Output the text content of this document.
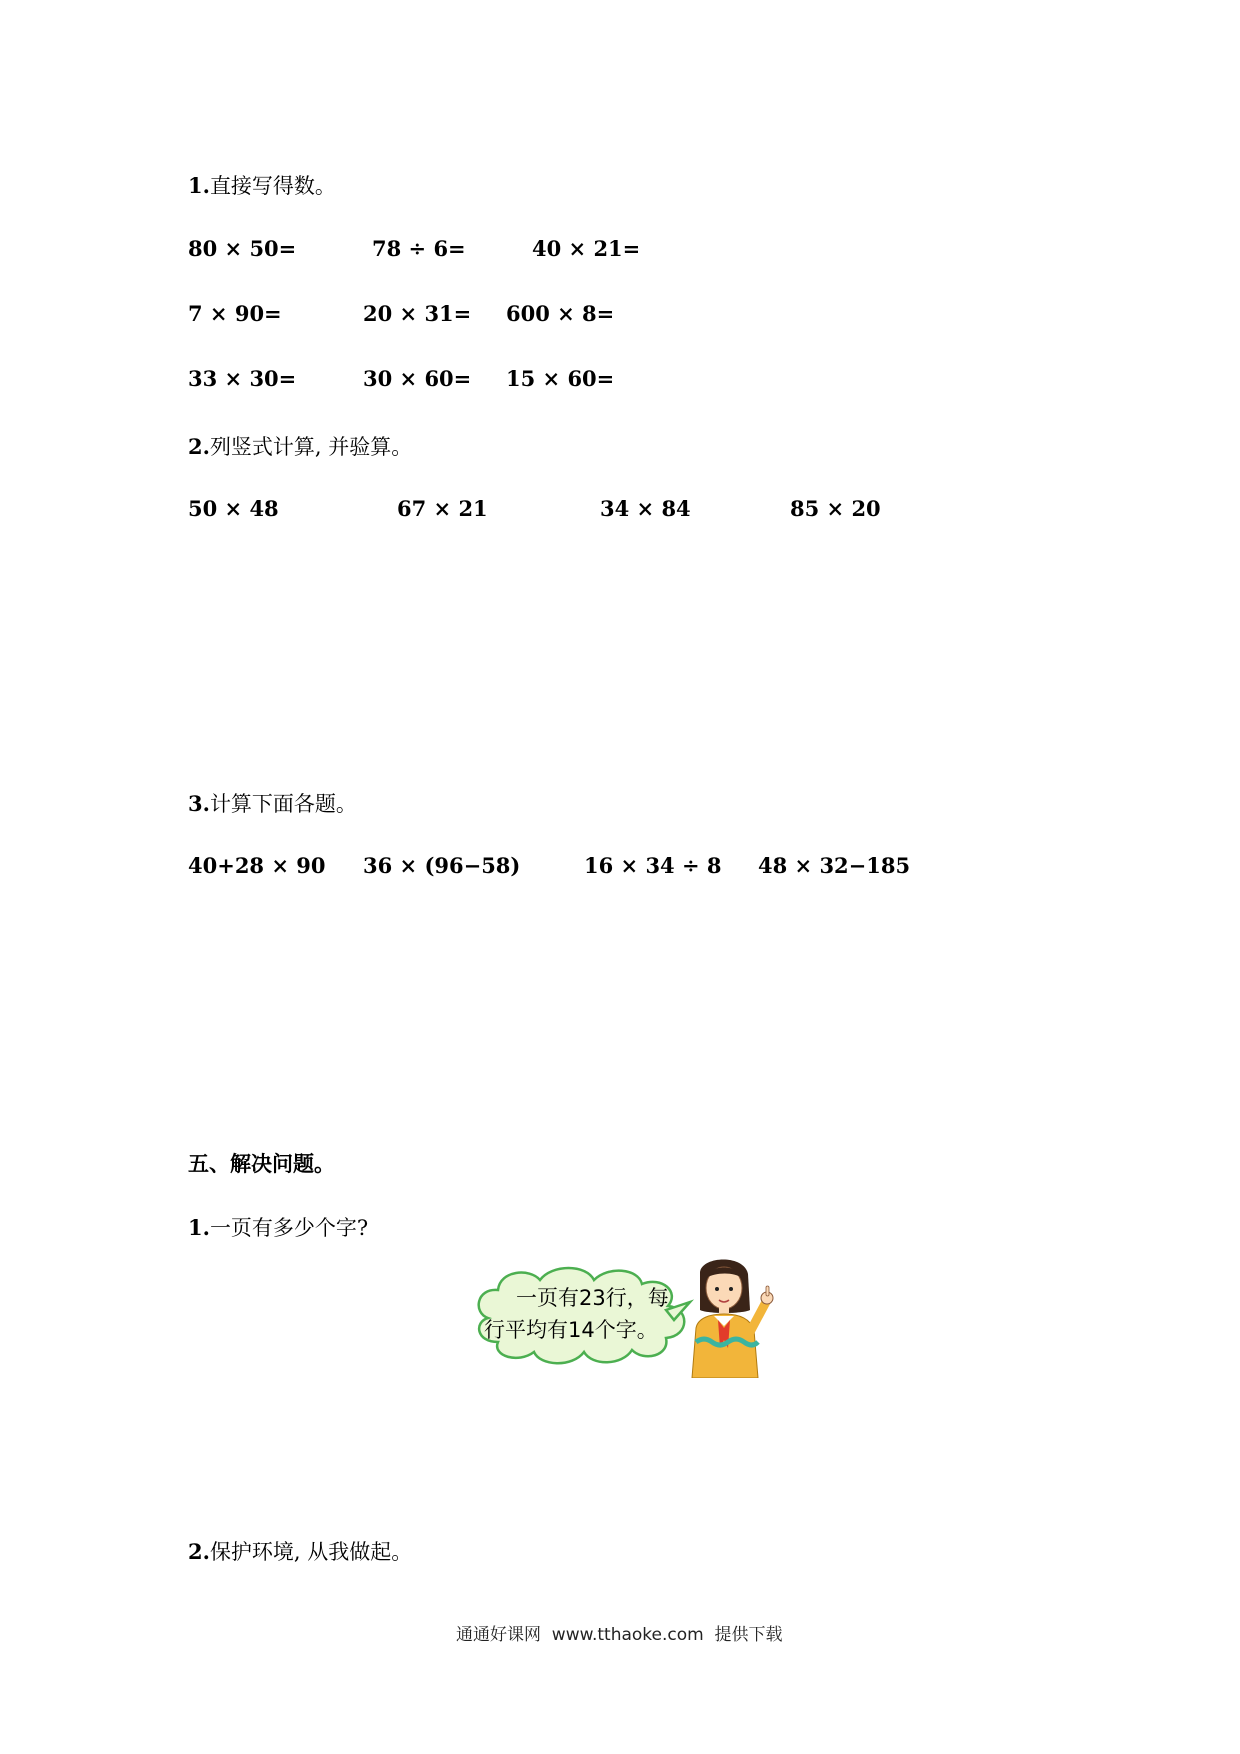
1.直接写得数。
80 × 50=	78 ÷ 6=	40 × 21=
7 × 90=	20 × 31= 600 × 8=
33 × 30=	30 × 60= 15 × 60=
2.列竖式计算, 并验算。
50 × 48	67 × 21	34 × 84	85 × 20
3.计算下面各题。
40+28 × 90 36 × (96−58)	16 × 34 ÷ 8 48 × 32−185
五、解决问题。
1.一页有多少个字?
一页有23行，每
行平均有14个字。
2.保护环境, 从我做起。
通通好课网  www.tthaoke.com  提供下载
